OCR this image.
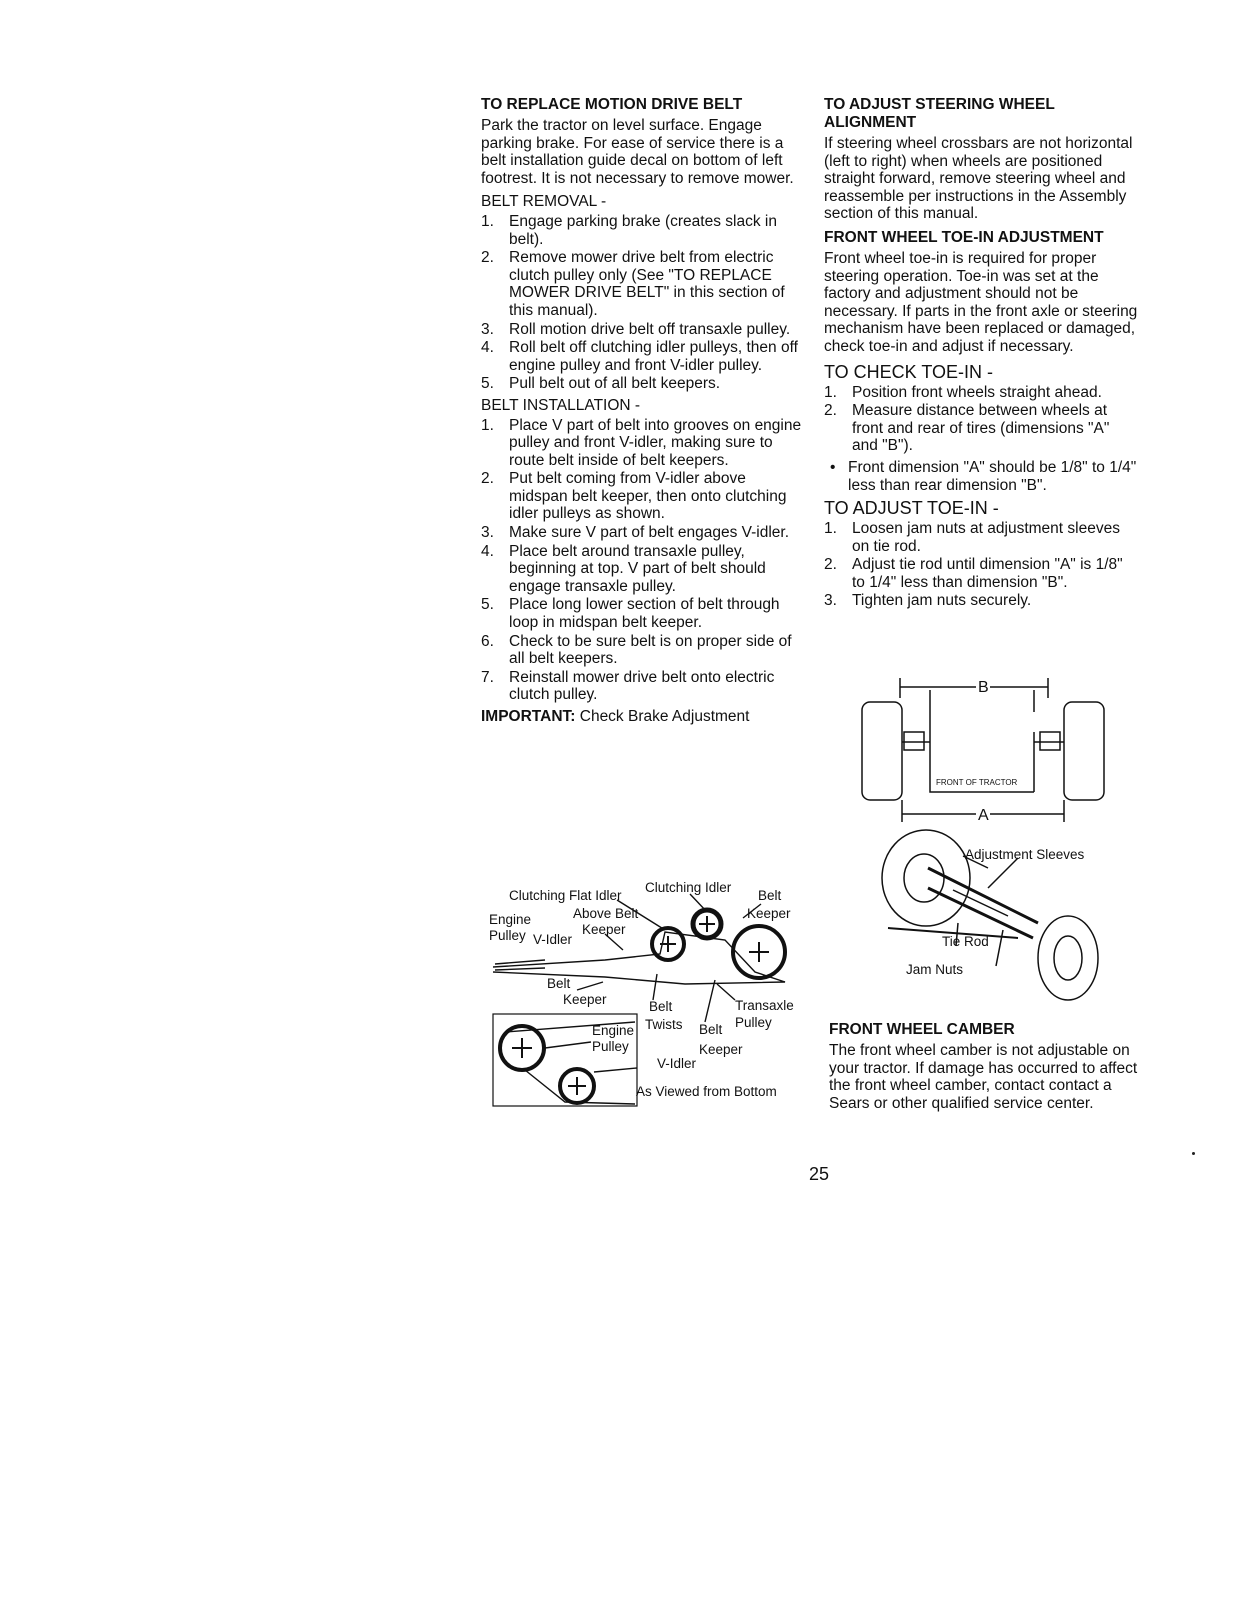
TO REPLACE MOTION DRIVE BELT

Park the tractor on level surface. Engage parking brake. For ease of service there is a belt installation guide decal on bottom of left footrest. It is not necessary to remove mower.

BELT REMOVAL -
1. Engage parking brake (creates slack in belt).
2. Remove mower drive belt from electric clutch pulley only (See "TO REPLACE MOWER DRIVE BELT" in this section of this manual).
3. Roll motion drive belt off transaxle pulley.
4. Roll belt off clutching idler pulleys, then off engine pulley and front V-idler pulley.
5. Pull belt out of all belt keepers.
BELT INSTALLATION -
1. Place V part of belt into grooves on engine pulley and front V-idler, making sure to route belt inside of belt keepers.
2. Put belt coming from V-idler above midspan belt keeper, then onto clutching idler pulleys as shown.
3. Make sure V part of belt engages V-idler.
4. Place belt around transaxle pulley, beginning at top. V part of belt should engage transaxle pulley.
5. Place long lower section of belt through loop in midspan belt keeper.
6. Check to be sure belt is on proper side of all belt keepers.
7. Reinstall mower drive belt onto electric clutch pulley.
IMPORTANT: Check Brake Adjustment
Clutching Flat Idler
Clutching Idler
Belt
Keeper
Engine
Pulley V-Idler
Above Belt
Keeper
Belt
Keeper	Belt
Twists Belt
Keeper
Transaxle
Pulley
Engine
Pulley
V-Idler
As Viewed from Bottom
TO ADJUST STEERING WHEEL ALIGNMENT

If steering wheel crossbars are not horizontal (left to right) when wheels are positioned straight forward, remove steering wheel and reassemble per instructions in the Assembly section of this manual.

FRONT WHEEL TOE-IN ADJUSTMENT

Front wheel toe-in is required for proper steering operation. Toe-in was set at the factory and adjustment should not be necessary. If parts in the front axle or steering mechanism have been replaced or damaged, check toe-in and adjust if necessary.

TO CHECK TOE-IN -
1. Position front wheels straight ahead.
2. Measure distance between wheels at front and rear of tires (dimensions "A" and "B").
• Front dimension "A" should be 1/8" to 1/4" less than rear dimension "B".
TO ADJUST TOE-IN -
1. Loosen jam nuts at adjustment sleeves on tie rod.
2. Adjust tie rod until dimension "A" is 1/8" to 1/4" less than dimension "B".
3. Tighten jam nuts securely.
B
A
FRONT OF TRACTOR
Adjustment Sleeves
Tie Rod
Jam Nuts
FRONT WHEEL CAMBER

The front wheel camber is not adjustable on your tractor. If damage has occurred to affect the front wheel camber, contact contact a Sears or other qualified service center.

25
